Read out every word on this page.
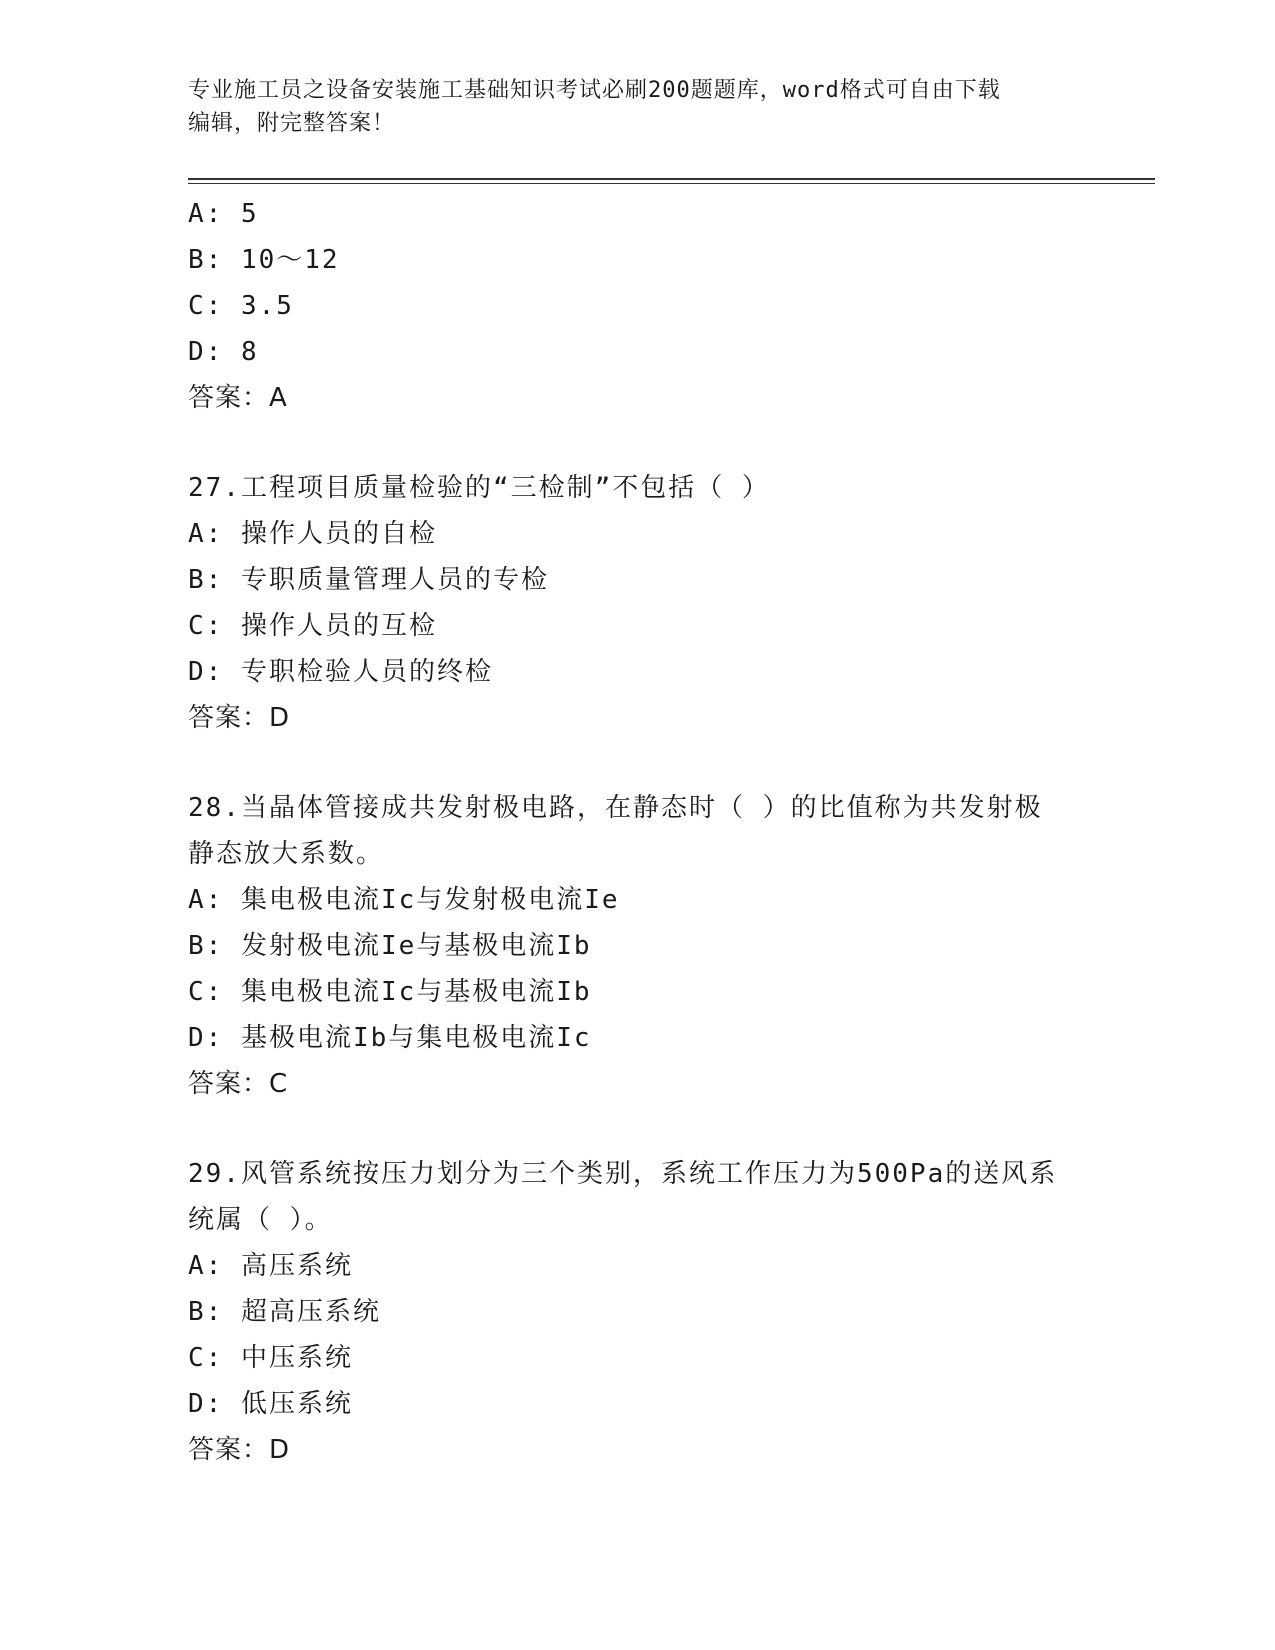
专业施工员之设备安装施工基础知识考试必刷200题题库，word格式可自由下载
编辑，附完整答案！
A: 5
B: 10～12
C: 3.5
D: 8
答案：A
27.工程项目质量检验的“三检制”不包括（ ）
A: 操作人员的自检
B: 专职质量管理人员的专检
C: 操作人员的互检
D: 专职检验人员的终检
答案：D
28.当晶体管接成共发射极电路，在静态时（ ）的比值称为共发射极
静态放大系数。
A: 集电极电流Ic与发射极电流Ie
B: 发射极电流Ie与基极电流Ib
C: 集电极电流Ic与基极电流Ib
D: 基极电流Ib与集电极电流Ic
答案：C
29.风管系统按压力划分为三个类别，系统工作压力为500Pa的送风系
统属（ ）。
A: 高压系统
B: 超高压系统
C: 中压系统
D: 低压系统
答案：D
